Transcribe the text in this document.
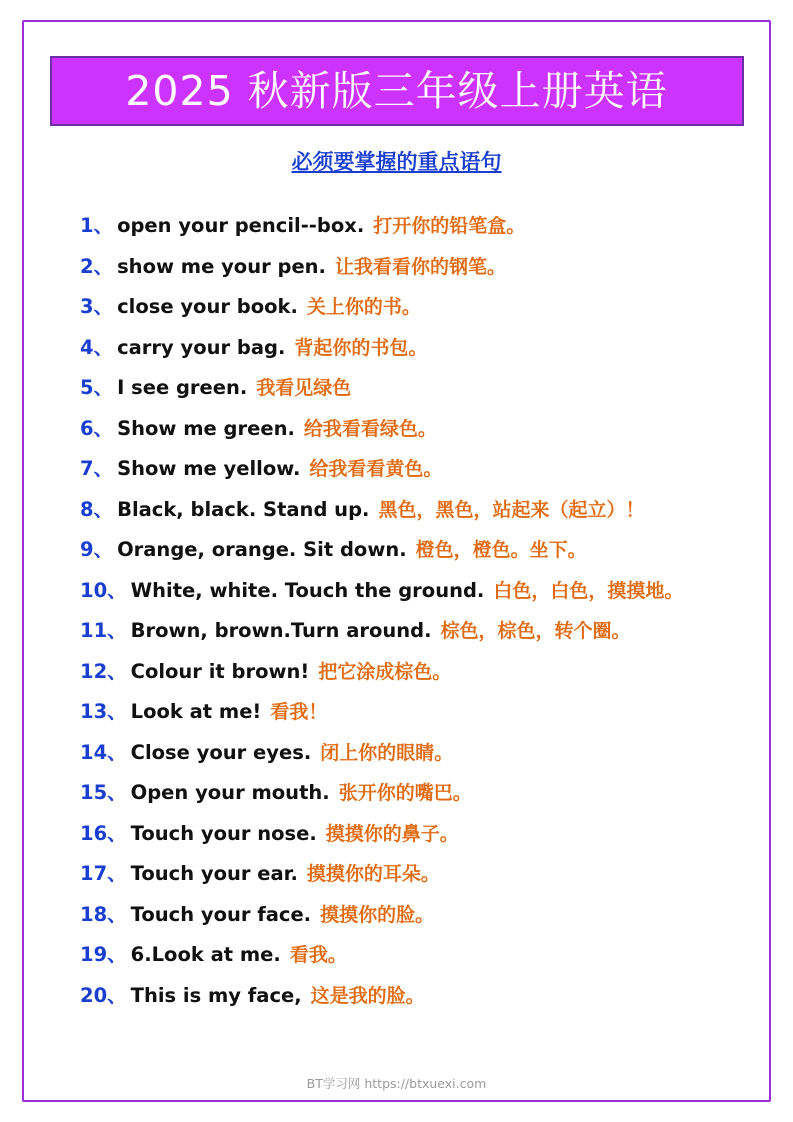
2025 秋新版三年级上册英语
必须要掌握的重点语句
1、 open your pencil--box. 打开你的铅笔盒。
2、 show me your pen. 让我看看你的钢笔。
3、 close your book. 关上你的书。
4、 carry your bag. 背起你的书包。
5、 I see green. 我看见绿色
6、 Show me green. 给我看看绿色。
7、 Show me yellow. 给我看看黄色。
8、 Black, black. Stand up. 黑色，黑色，站起来（起立）！
9、 Orange, orange. Sit down. 橙色，橙色。坐下。
10、 White, white. Touch the ground. 白色，白色，摸摸地。
11、 Brown, brown.Turn around. 棕色，棕色，转个圈。
12、 Colour it brown! 把它涂成棕色。
13、 Look at me! 看我！
14、 Close your eyes. 闭上你的眼睛。
15、 Open your mouth. 张开你的嘴巴。
16、 Touch your nose. 摸摸你的鼻子。
17、 Touch your ear. 摸摸你的耳朵。
18、 Touch your face. 摸摸你的脸。
19、 6.Look at me. 看我。
20、 This is my face, 这是我的脸。
BT学习网 https://btxuexi.com
